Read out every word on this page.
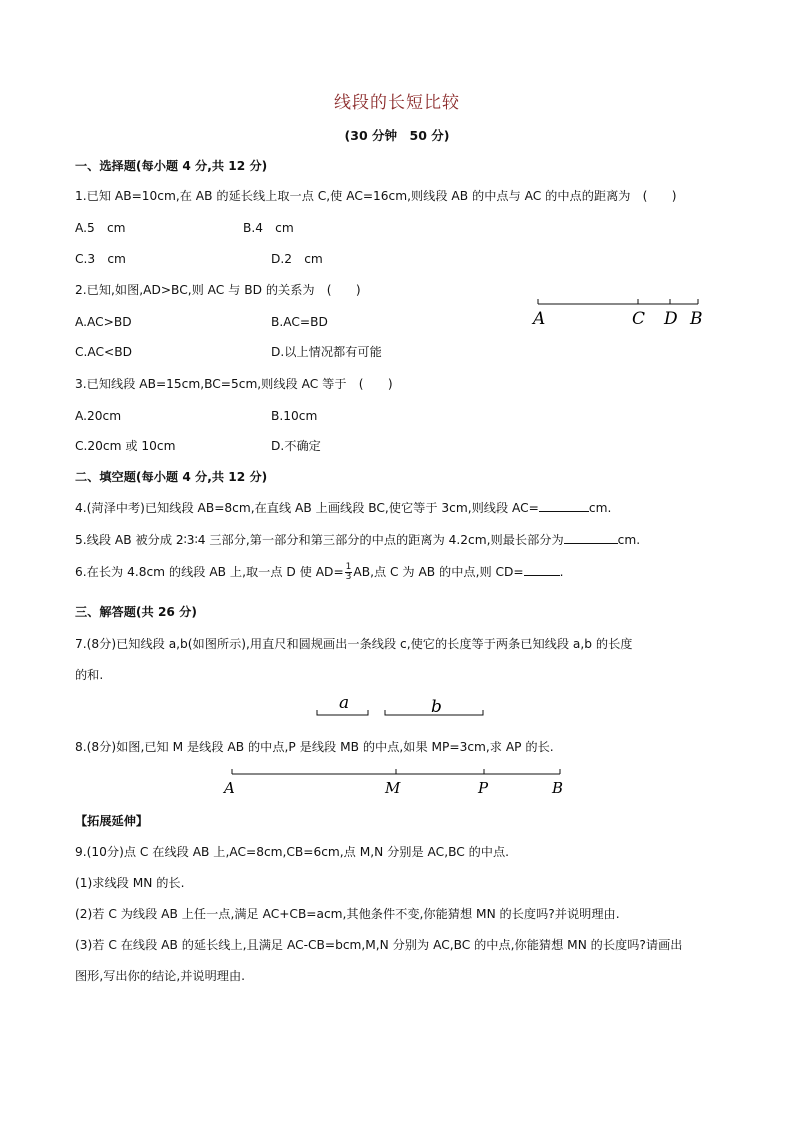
线段的长短比较
(30 分钟　50 分)
一、选择题(每小题 4 分,共 12 分)
1.已知 AB=10cm,在 AB 的延长线上取一点 C,使 AC=16cm,则线段 AB 的中点与 AC 的中点的距离为　(　　)
A.5　cm	B.4　cm
C.3　cm	D.2　cm
2.已知,如图,AD>BC,则 AC 与 BD 的关系为　(　　)
A.AC>BD	B.AC=BD
C.AC<BD	D.以上情况都有可能
A	C D B
3.已知线段 AB=15cm,BC=5cm,则线段 AC 等于　(　　)
A.20cm	B.10cm
C.20cm 或 10cm	D.不确定
二、填空题(每小题 4 分,共 12 分)
4.(菏泽中考)已知线段 AB=8cm,在直线 AB 上画线段 BC,使它等于 3cm,则线段 AC=	cm.
5.线段 AB 被分成 2∶3∶4 三部分,第一部分和第三部分的中点的距离为 4.2cm,则最长部分为	cm.
6.在长为 4.8cm 的线段 AB 上,取一点 D 使 $AD= \frac{1}{3}$ AB,点 C 为 AB 的中点,则 CD=	.
三、解答题(共 26 分)
7.(8分)已知线段 a,b(如图所示),用直尺和圆规画出一条线段 c,使它的长度等于两条已知线段 a,b 的长度
的和.
a	b
8.(8分)如图,已知 M 是线段 AB 的中点,P 是线段 MB 的中点,如果 MP=3cm,求 AP 的长.
A	M	P	B
【拓展延伸】
9.(10分)点 C 在线段 AB 上,AC=8cm,CB=6cm,点 M,N 分别是 AC,BC 的中点.
(1)求线段 MN 的长.
(2)若 C 为线段 AB 上任一点,满足 AC+CB=acm,其他条件不变,你能猜想 MN 的长度吗?并说明理由.
(3)若 C 在线段 AB 的延长线上,且满足 AC-CB=bcm,M,N 分别为 AC,BC 的中点,你能猜想 MN 的长度吗?请画出
图形,写出你的结论,并说明理由.
